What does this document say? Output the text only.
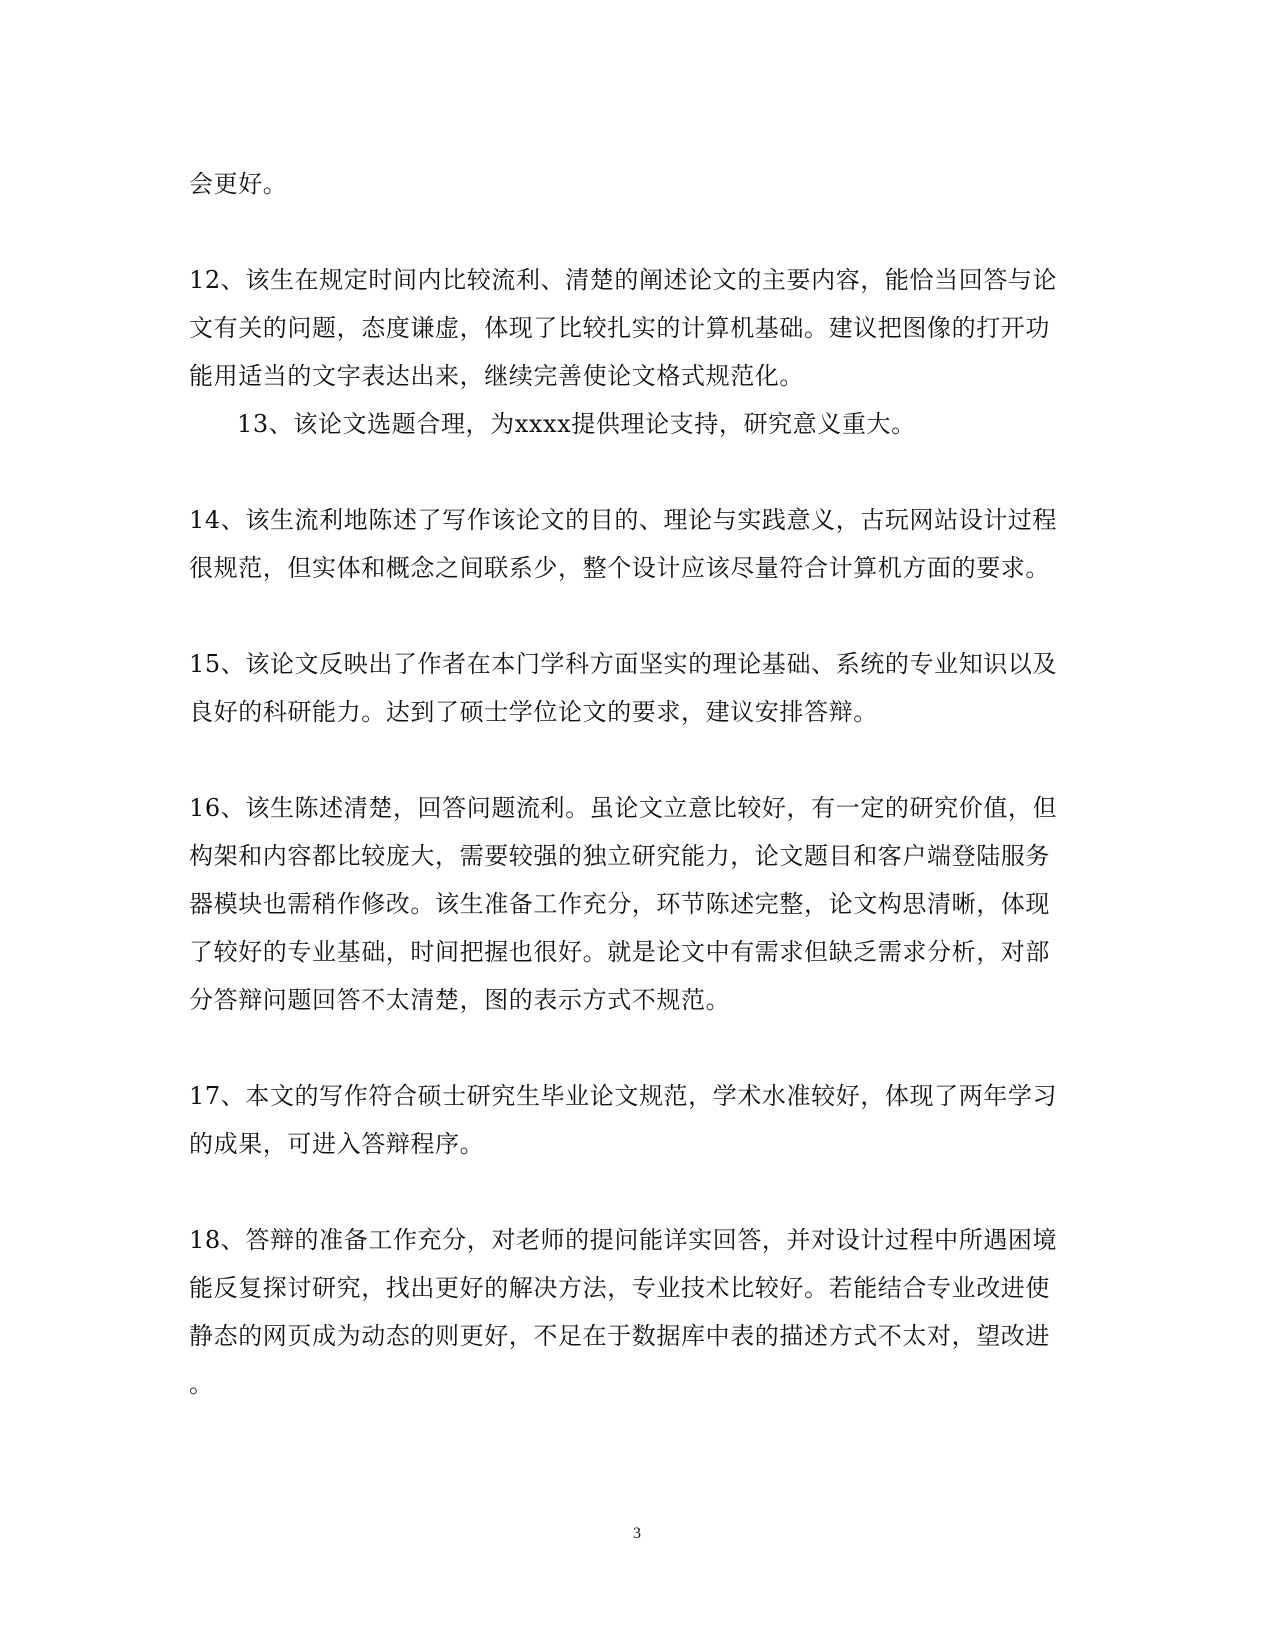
会更好。
12、该生在规定时间内比较流利、清楚的阐述论文的主要内容，能恰当回答与论
文有关的问题，态度谦虚，体现了比较扎实的计算机基础。建议把图像的打开功
能用适当的文字表达出来，继续完善使论文格式规范化。
13、该论文选题合理，为xxxx提供理论支持，研究意义重大。
14、该生流利地陈述了写作该论文的目的、理论与实践意义，古玩网站设计过程
很规范，但实体和概念之间联系少，整个设计应该尽量符合计算机方面的要求。
15、该论文反映出了作者在本门学科方面坚实的理论基础、系统的专业知识以及
良好的科研能力。达到了硕士学位论文的要求，建议安排答辩。
16、该生陈述清楚，回答问题流利。虽论文立意比较好，有一定的研究价值，但
构架和内容都比较庞大，需要较强的独立研究能力，论文题目和客户端登陆服务
器模块也需稍作修改。该生准备工作充分，环节陈述完整，论文构思清晰，体现
了较好的专业基础，时间把握也很好。就是论文中有需求但缺乏需求分析，对部
分答辩问题回答不太清楚，图的表示方式不规范。
17、本文的写作符合硕士研究生毕业论文规范，学术水准较好，体现了两年学习
的成果，可进入答辩程序。
18、答辩的准备工作充分，对老师的提问能详实回答，并对设计过程中所遇困境
能反复探讨研究，找出更好的解决方法，专业技术比较好。若能结合专业改进使
静态的网页成为动态的则更好，不足在于数据库中表的描述方式不太对，望改进
。
3
